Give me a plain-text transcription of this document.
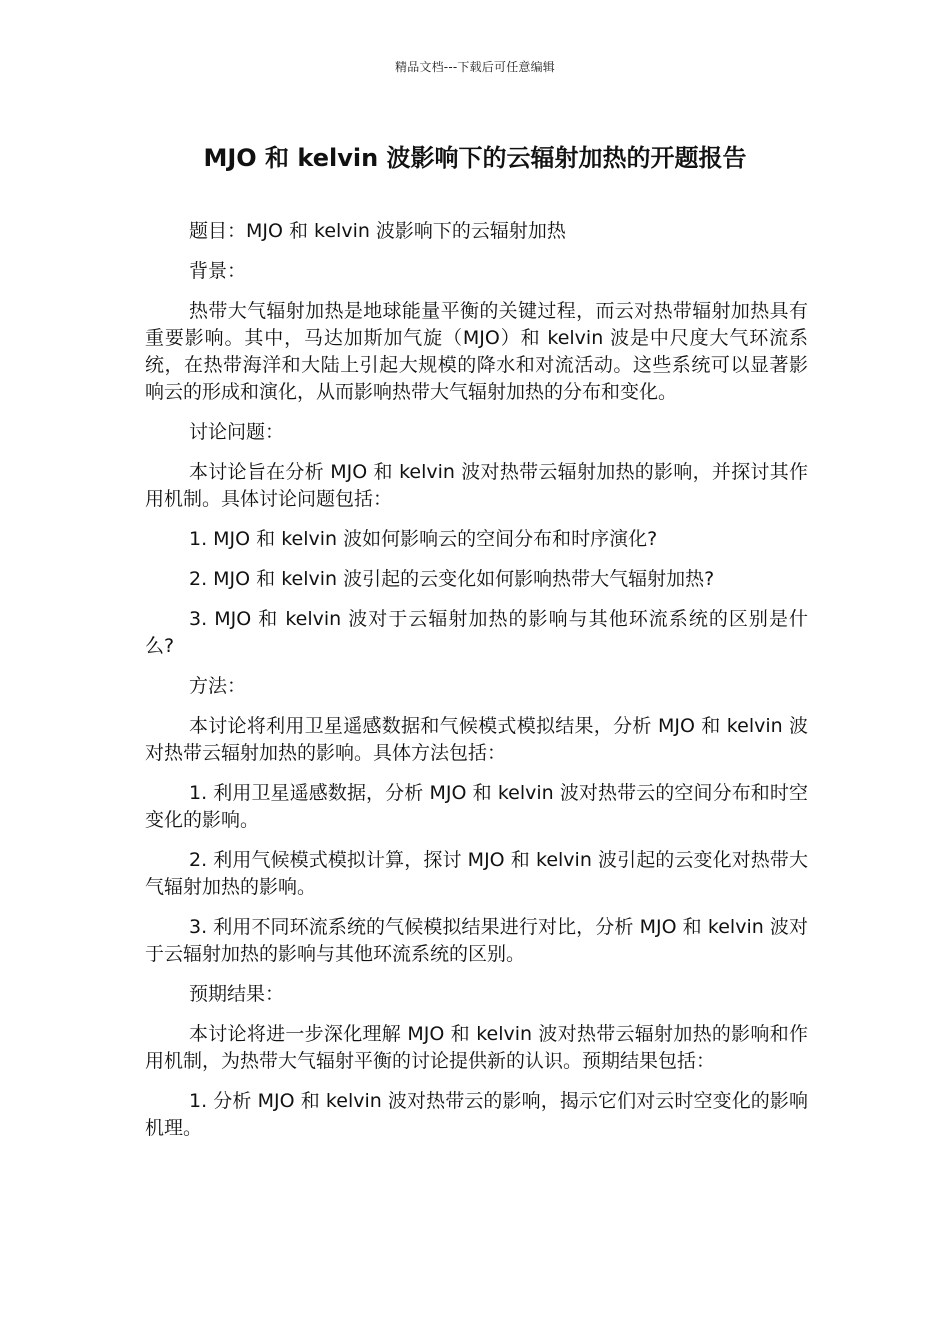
精品文档---下载后可任意编辑
MJO 和 kelvin 波影响下的云辐射加热的开题报告

题目：MJO 和 kelvin 波影响下的云辐射加热

背景：

热带大气辐射加热是地球能量平衡的关键过程，而云对热带辐射加热具有重要影响。其中，马达加斯加气旋（MJO）和 kelvin 波是中尺度大气环流系统，在热带海洋和大陆上引起大规模的降水和对流活动。这些系统可以显著影响云的形成和演化，从而影响热带大气辐射加热的分布和变化。

讨论问题：

本讨论旨在分析 MJO 和 kelvin 波对热带云辐射加热的影响，并探讨其作用机制。具体讨论问题包括：

1. MJO 和 kelvin 波如何影响云的空间分布和时序演化?

2. MJO 和 kelvin 波引起的云变化如何影响热带大气辐射加热?

3. MJO 和 kelvin 波对于云辐射加热的影响与其他环流系统的区别是什么?

方法：

本讨论将利用卫星遥感数据和气候模式模拟结果，分析 MJO 和 kelvin 波对热带云辐射加热的影响。具体方法包括：

1. 利用卫星遥感数据，分析 MJO 和 kelvin 波对热带云的空间分布和时空变化的影响。

2. 利用气候模式模拟计算，探讨 MJO 和 kelvin 波引起的云变化对热带大气辐射加热的影响。

3. 利用不同环流系统的气候模拟结果进行对比，分析 MJO 和 kelvin 波对于云辐射加热的影响与其他环流系统的区别。

预期结果：

本讨论将进一步深化理解 MJO 和 kelvin 波对热带云辐射加热的影响和作用机制，为热带大气辐射平衡的讨论提供新的认识。预期结果包括：

1. 分析 MJO 和 kelvin 波对热带云的影响，揭示它们对云时空变化的影响机理。
